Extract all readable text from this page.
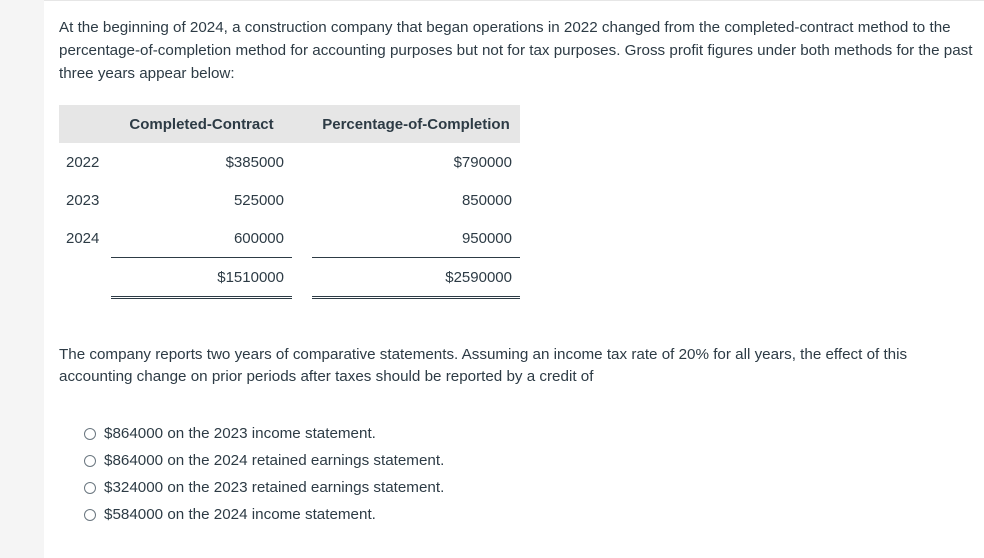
At the beginning of 2024, a construction company that began operations in 2022 changed from the completed-contract method to the percentage-of-completion method for accounting purposes but not for tax purposes. Gross profit figures under both methods for the past three years appear below:

	Completed-Contract		Percentage-of-Completion
2022	$385000		$790000
2023	525000		850000
2024	600000		950000
	$1510000		$2590000

The company reports two years of comparative statements. Assuming an income tax rate of 20% for all years, the effect of this accounting change on prior periods after taxes should be reported by a credit of

$864000 on the 2023 income statement.
$864000 on the 2024 retained earnings statement.
$324000 on the 2023 retained earnings statement.
$584000 on the 2024 income statement.
